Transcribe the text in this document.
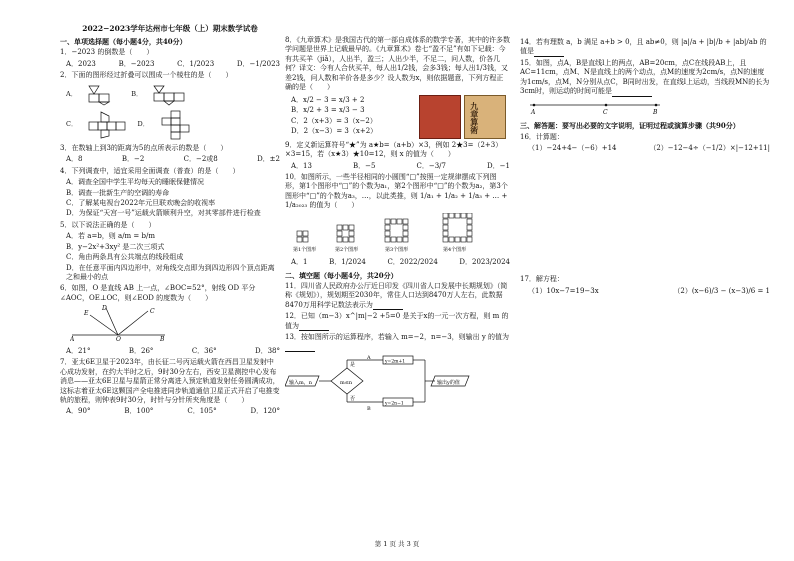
2022−2023学年达州市七年级（上）期末数学试卷
一、单项选择题（每小题4分，共40分）
1．−2023 的倒数是（　　）
A．2023	B．−2023	C．1/2023	D．−1/2023
2．下面的图形经过折叠可以围成一个棱柱的是（　　）
A．	B．
C．	D．
3．在数轴上到3的距离为5的点所表示的数是（　　）
A．8	B．−2	C．−2或8	D．±2
4．下列调查中，适宜采用全面调查（普查）的是（　　）
A．调查全国中学生平均每天的睡眠保健情况
B．调查一批新生产的空调的寿命
C．了解某电视台2022年元旦联欢晚会的收视率
D．为保证“天宫一号”运载火箭顺利升空，对其零部件进行检查
5．以下说法正确的是（　　）
A．若 a=b，则 a/m = b/m
B．y−2x²+3xy² 是二次三项式
C．角由两条具有公共端点的线段组成
D．在任意平面内四边形中，对角线交点即为到四边形四个顶点距离之和最小的点
6．如图，O 是直线 AB 上一点，∠BOC=52°，射线 OD 平分∠AOC，OE⊥OC，则∠EOD 的度数为（　　）
E
D	C
A	O	B
A．21°	B．26°	C．36°	D．38°
7．亚太6E卫星于2023年，由长征二号丙运载火箭在西昌卫星发射中心成功发射，在约大半时之后，9时30分左右，西安卫星测控中心发布消息——亚太6E卫星与星箭正常分离进入预定轨道发射任务圆满成功，这标志着亚太6E这颗国产全电推进同步轨道通信卫星正式开启了电推变轨的旅程，则钟表9时30分，时针与分针所夹角度是（　　）
A．90°	B．100°	C．105°	D．120°
8．《九章算术》是我国古代的第一部自成体系的数学专著，其中的许多数学问题是世界上记载最早的。《九章算术》卷七“盈不足”有如下记载：今有共买羊（jiǎ），人出半，盈三；人出少半，不足二，问人数，价各几何？译文：今有人合伙买羊，每人出1/2钱，会多3钱；每人出1/3钱，又差2钱，问人数和羊价各是多少？设人数为x，则依据题意，下列方程正确的是（　　）
A．x/2 − 3 = x/3 + 2
B．x/2 + 3 = x/3 − 3
C．2（x+3）= 3（x−2）
D．2（x−3）= 3（x+2）	九章算術
9．定义新运算符号“★”为 a★b=（a+b）×3，例如 2★3=（2+3）×3=15，若（x★3）★10=12，则 x 的值为（　　）
A．13	B．−5	C．−3/7	D．−1
10．如图所示，一些半径相同的小圆围“□”按照一定规律摆成下列图形，第1个图形中“□”的个数为a₁，第2个图形中“□”的个数为a₂，第3个图形中“□”的个数为a₃，…，以此类推，则 1/a₁ + 1/a₂ + 1/a₃ + … + 1/a₂₀₂₃ 的值为（　　）
第1个图形	第2个图形	第3个图形	第4个图形
A．1	B．1/2024	C．2022/2024	D．2023/2024
二、填空题（每小题4分，共20分）
11．四川省人民政府办公厅近日印发《四川省人口发展中长期规划》（简称《规划》），规划期至2030年，常住人口达到8470万人左右，此数据8470万用科学记数法表示为
12．已知（m−3）x^|m|−2 +5=0 是关于x的一元一次方程，则 m 的值为
13．按如图所示的运算程序，若输入 m=−2，n=−3，则输出 y 的值为
输入m，n	m≤n
y=2m+1
y=2n−1
输出y的值
是
否
A
B
14．若有理数 a，b 满足 a+b > 0，且 ab≠0，则 |a|/a + |b|/b + |ab|/ab 的值是
15．如图，点A，B是直线l上的两点，AB=20cm，点C在线段AB上，且AC=11cm，点M、N是直线上的两个动点，点M的速度为2cm/s，点N的速度为1cm/s，点M，N分别从点C，B同时出发，在直线l上运动，当线段MN的长为3cm时，则运动的时间可能是
A	C	B
三、解答题：要写出必要的文字说明，证明过程或演算步骤（共90分）
16．计算题：
（1）−24+4−（−6）+14	（2）−12−4÷（−1/2）×|−12+11|
17．解方程：
（1）10x−7=19−3x	（2）(x−6)/3 − (x−3)/6 = 1
第 1 页 共 3 页
